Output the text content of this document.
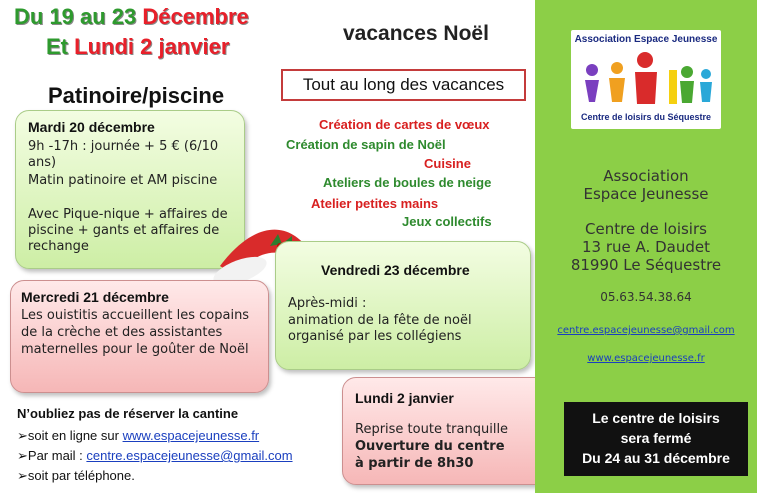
Du 19 au 23 Décembre
Et Lundi 2 janvier
vacances Noël
Patinoire/piscine	Tout au long des vacances
Création de cartes de vœux
Création de sapin de Noël
Cuisine
Ateliers de boules de neige
Atelier petites mains
Jeux collectifs
Mardi 20 décembre
9h -17h : journée + 5 € (6/10 ans)
Matin patinoire et AM piscine
Avec Pique-nique + affaires de piscine + gants et affaires de rechange
Mercredi 21 décembre
Les ouistitis accueillent les copains de la crèche et des assistantes maternelles pour le goûter de Noël
Vendredi 23 décembre
Après-midi :
animation de la fête de noël organisé par les collégiens
Lundi 2 janvier
Reprise toute tranquille
Ouverture du centre
à partir de 8h30
N’oubliez pas de réserver la cantine
➢soit en ligne sur www.espacejeunesse.fr
➢Par mail : centre.espacejeunesse@gmail.com
➢soit par téléphone.
Association Espace Jeunesse
Centre de loisirs du Séquestre
Association
Espace Jeunesse
Centre de loisirs
13 rue A. Daudet
81990 Le Séquestre
05.63.54.38.64
centre.espacejeunesse@gmail.com
www.espacejeunesse.fr
Le centre de loisirs
sera fermé
Du 24 au 31 décembre
